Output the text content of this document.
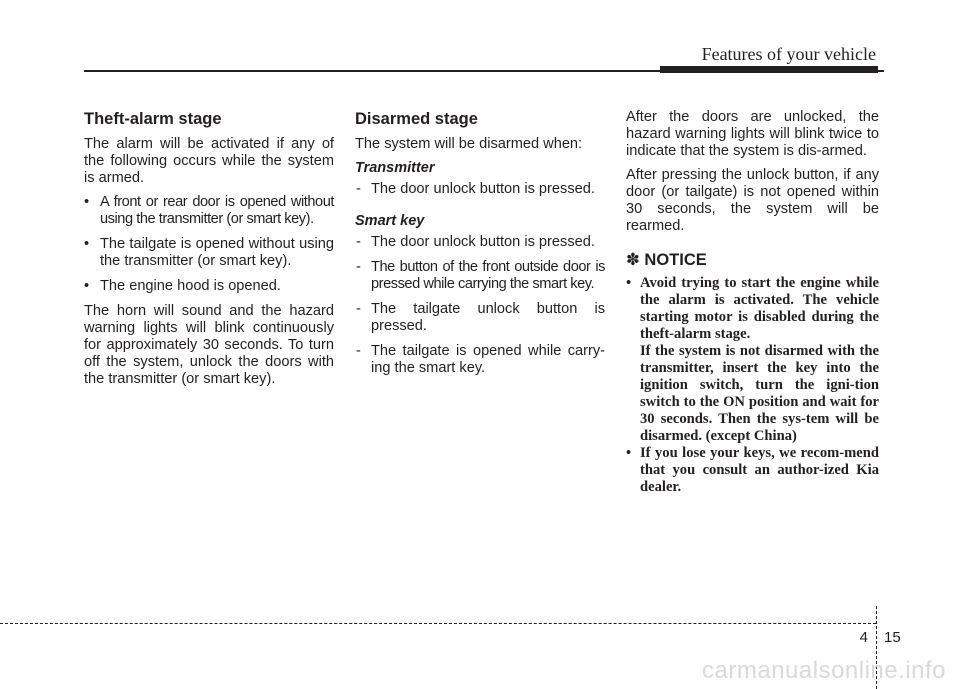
Features of your vehicle
Theft-alarm stage

The alarm will be activated if any of the following occurs while the system is armed.

• A front or rear door is opened without using the transmitter (or smart key).
• The tailgate is opened without using the transmitter (or smart key).
• The engine hood is opened.

The horn will sound and the hazard warning lights will blink continuously for approximately 30 seconds. To turn off the system, unlock the doors with the transmitter (or smart key).

Disarmed stage

The system will be disarmed when:

Transmitter
- The door unlock button is pressed.
Smart key
- The door unlock button is pressed.
- The button of the front outside door is pressed while carrying the smart key.
- The tailgate unlock button is pressed.
- The tailgate is opened while carry-ing the smart key.

After the doors are unlocked, the hazard warning lights will blink twice to indicate that the system is dis-armed.

After pressing the unlock button, if any door (or tailgate) is not opened within 30 seconds, the system will be rearmed.

✽ NOTICE
• Avoid trying to start the engine while the alarm is activated. The vehicle starting motor is disabled during the theft-alarm stage.

If the system is not disarmed with the transmitter, insert the key into the ignition switch, turn the igni-tion switch to the ON position and wait for 30 seconds. Then the sys-tem will be disarmed. (except China)

• If you lose your keys, we recom-mend that you consult an author-ized Kia dealer.

4 15
carmanualsonline.info
